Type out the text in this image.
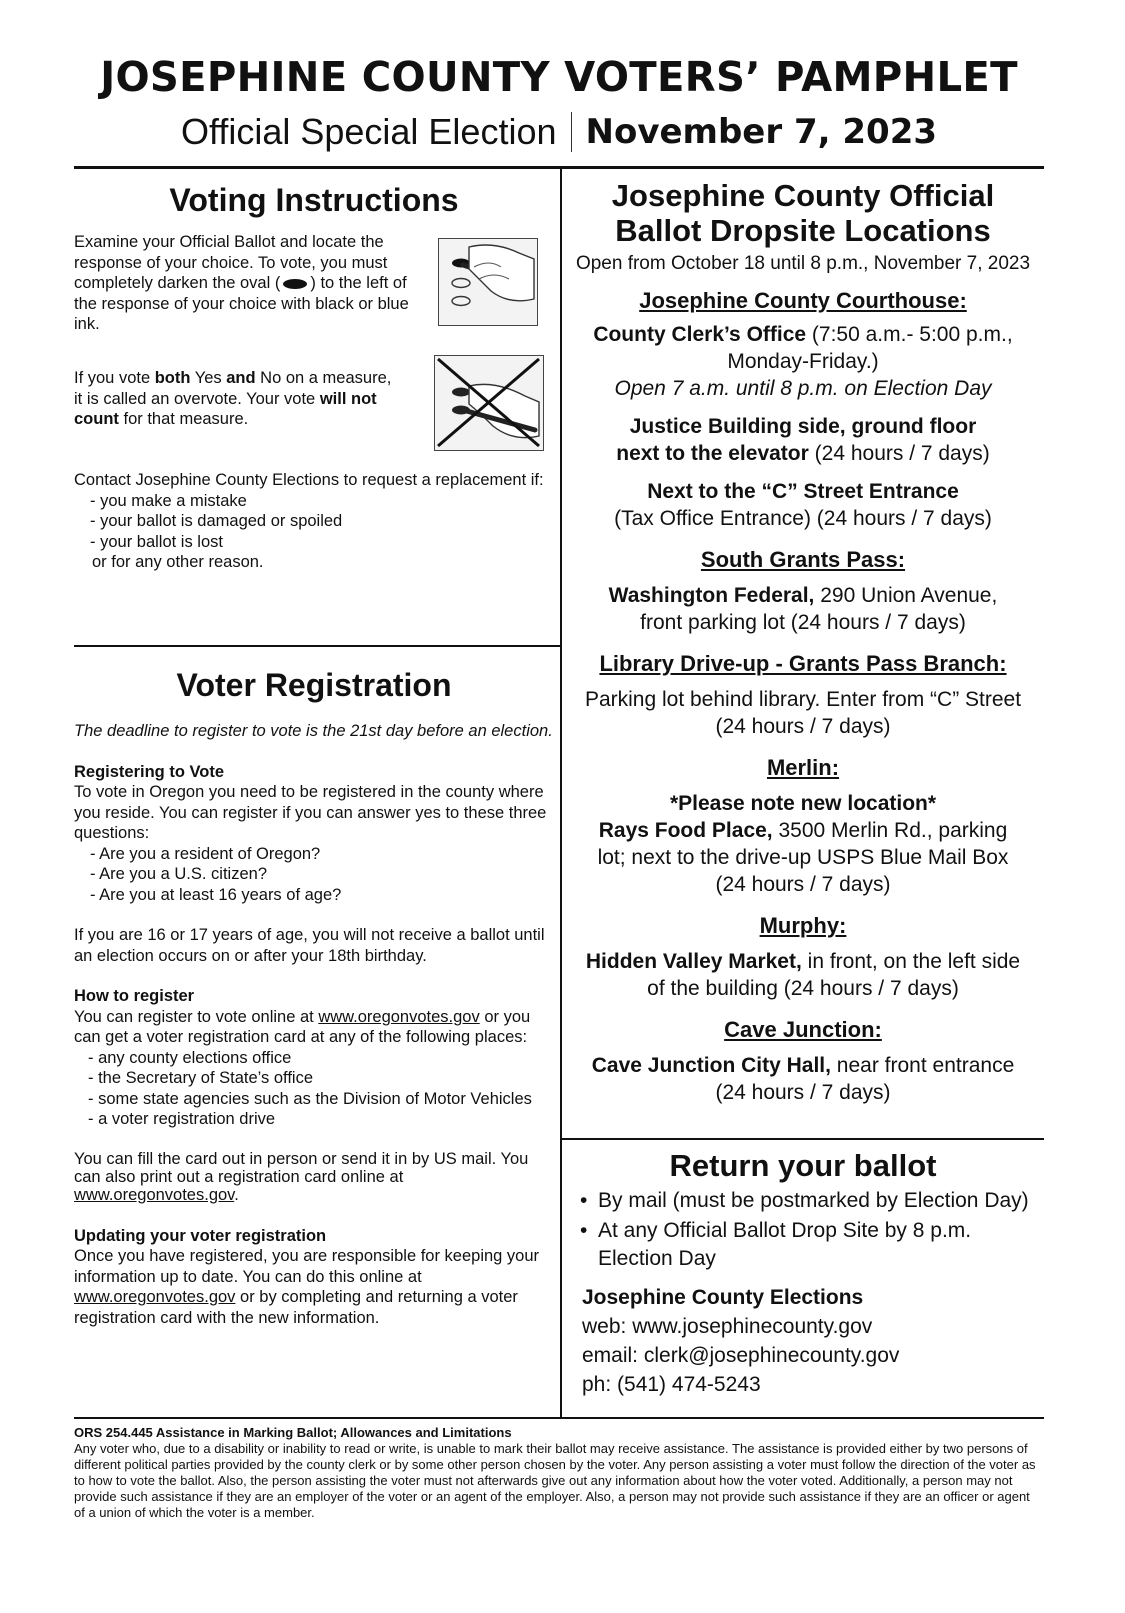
JOSEPHINE COUNTY VOTERS’ PAMPHLET
Official Special Election November 7, 2023
Voting Instructions
Examine your Official Ballot and locate the response of your choice. To vote, you must completely darken the oval ( ) to the left of the response of your choice with black or blue ink.
If you vote both Yes and No on a measure, it is called an overvote. Your vote will not count for that measure.
Contact Josephine County Elections to request a replacement if:
- you make a mistake
- your ballot is damaged or spoiled
- your ballot is lost
or for any other reason.
Voter Registration
The deadline to register to vote is the 21st day before an election.
Registering to Vote
To vote in Oregon you need to be registered in the county where you reside. You can register if you can answer yes to these three questions:
- Are you a resident of Oregon?
- Are you a U.S. citizen?
- Are you at least 16 years of age?
If you are 16 or 17 years of age, you will not receive a ballot until an election occurs on or after your 18th birthday.
How to register
You can register to vote online at www.oregonvotes.gov or you can get a voter registration card at any of the following places:
- any county elections office
- the Secretary of State’s office
- some state agencies such as the Division of Motor Vehicles
- a voter registration drive
You can fill the card out in person or send it in by US mail. You can also print out a registration card online at
www.oregonvotes.gov.
Updating your voter registration
Once you have registered, you are responsible for keeping your information up to date. You can do this online at www.oregonvotes.gov or by completing and returning a voter registration card with the new information.
Josephine County Official
Ballot Dropsite Locations
Open from October 18 until 8 p.m., November 7, 2023
Josephine County Courthouse:
County Clerk’s Office (7:50 a.m.- 5:00 p.m.,
Monday-Friday.)
Open 7 a.m. until 8 p.m. on Election Day
Justice Building side, ground floor
next to the elevator (24 hours / 7 days)
Next to the “C” Street Entrance
(Tax Office Entrance) (24 hours / 7 days)
South Grants Pass:
Washington Federal, 290 Union Avenue,
front parking lot (24 hours / 7 days)
Library Drive-up - Grants Pass Branch:
Parking lot behind library. Enter from “C” Street
(24 hours / 7 days)
Merlin:
*Please note new location*
Rays Food Place, 3500 Merlin Rd., parking
lot; next to the drive-up USPS Blue Mail Box
(24 hours / 7 days)
Murphy:
Hidden Valley Market, in front, on the left side
of the building (24 hours / 7 days)
Cave Junction:
Cave Junction City Hall, near front entrance
(24 hours / 7 days)
Return your ballot
• By mail (must be postmarked by Election Day)
• At any Official Ballot Drop Site by 8 p.m. Election Day
Josephine County Elections
web: www.josephinecounty.gov
email: clerk@josephinecounty.gov
ph: (541) 474-5243
ORS 254.445 Assistance in Marking Ballot; Allowances and Limitations
Any voter who, due to a disability or inability to read or write, is unable to mark their ballot may receive assistance. The assistance is provided either by two persons of different political parties provided by the county clerk or by some other person chosen by the voter. Any person assisting a voter must follow the direction of the voter as to how to vote the ballot. Also, the person assisting the voter must not afterwards give out any information about how the voter voted. Additionally, a person may not provide such assistance if they are an employer of the voter or an agent of the employer. Also, a person may not provide such assistance if they are an officer or agent of a union of which the voter is a member.
